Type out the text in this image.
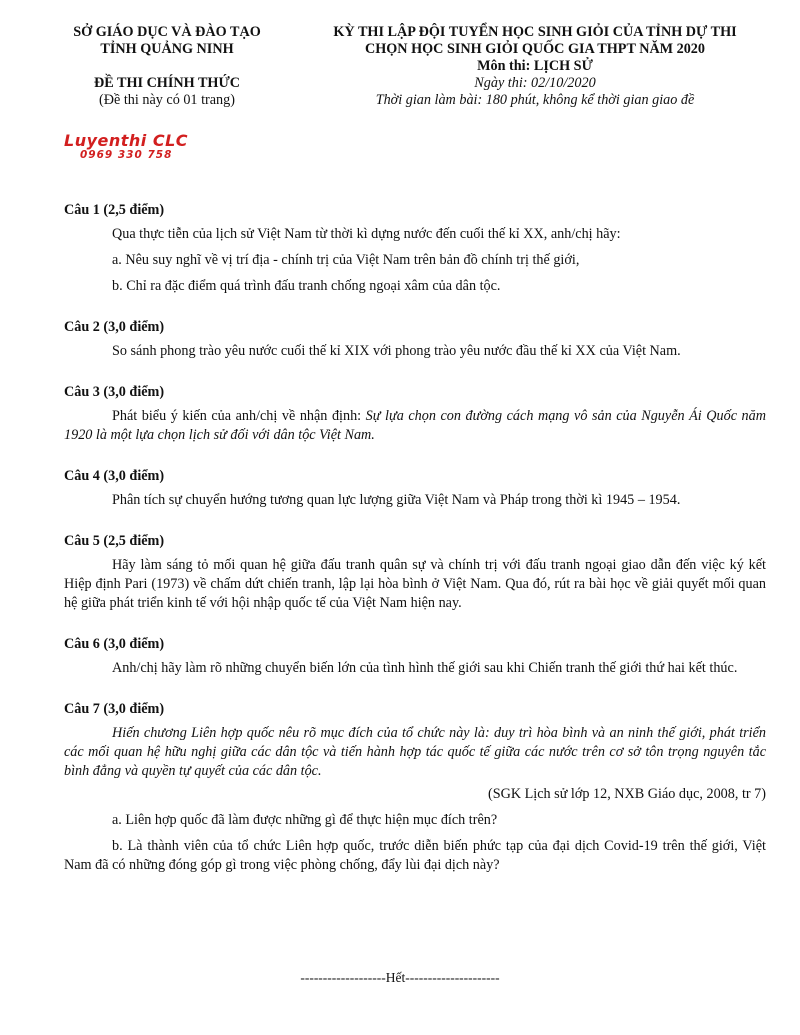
SỞ GIÁO DỤC VÀ ĐÀO TẠO
TỈNH QUẢNG NINH
ĐỀ THI CHÍNH THỨC
(Đề thi này có 01 trang)
KỲ THI LẬP ĐỘI TUYỂN HỌC SINH GIỎI CỦA TỈNH DỰ THI
CHỌN HỌC SINH GIỎI QUỐC GIA THPT NĂM 2020
Môn thi: LỊCH SỬ
Ngày thi: 02/10/2020
Thời gian làm bài: 180 phút, không kể thời gian giao đề
Luyenthi CLC
0969 330 758
Câu 1 (2,5 điểm)
Qua thực tiễn của lịch sử Việt Nam từ thời kì dựng nước đến cuối thế kỉ XX, anh/chị hãy:
a. Nêu suy nghĩ về vị trí địa - chính trị của Việt Nam trên bản đồ chính trị thế giới,
b. Chỉ ra đặc điểm quá trình đấu tranh chống ngoại xâm của dân tộc.
Câu 2 (3,0 điểm)
So sánh phong trào yêu nước cuối thế kỉ XIX với phong trào yêu nước đầu thế kỉ XX của Việt Nam.
Câu 3 (3,0 điểm)
Phát biểu ý kiến của anh/chị về nhận định: Sự lựa chọn con đường cách mạng vô sản của Nguyễn Ái Quốc năm 1920 là một lựa chọn lịch sử đối với dân tộc Việt Nam.
Câu 4 (3,0 điểm)
Phân tích sự chuyển hướng tương quan lực lượng giữa Việt Nam và Pháp trong thời kì 1945 – 1954.
Câu 5 (2,5 điểm)
Hãy làm sáng tỏ mối quan hệ giữa đấu tranh quân sự và chính trị với đấu tranh ngoại giao dẫn đến việc ký kết Hiệp định Pari (1973) về chấm dứt chiến tranh, lập lại hòa bình ở Việt Nam. Qua đó, rút ra bài học về giải quyết mối quan hệ giữa phát triển kinh tế với hội nhập quốc tế của Việt Nam hiện nay.
Câu 6 (3,0 điểm)
Anh/chị hãy làm rõ những chuyển biến lớn của tình hình thế giới sau khi Chiến tranh thế giới thứ hai kết thúc.
Câu 7 (3,0 điểm)
Hiến chương Liên hợp quốc nêu rõ mục đích của tổ chức này là: duy trì hòa bình và an ninh thế giới, phát triển các mối quan hệ hữu nghị giữa các dân tộc và tiến hành hợp tác quốc tế giữa các nước trên cơ sở tôn trọng nguyên tắc bình đẳng và quyền tự quyết của các dân tộc.
(SGK Lịch sử lớp 12, NXB Giáo dục, 2008, tr 7)
a. Liên hợp quốc đã làm được những gì để thực hiện mục đích trên?
b. Là thành viên của tổ chức Liên hợp quốc, trước diễn biến phức tạp của đại dịch Covid-19 trên thế giới, Việt Nam đã có những đóng góp gì trong việc phòng chống, đẩy lùi đại dịch này?
-------------------Hết---------------------
